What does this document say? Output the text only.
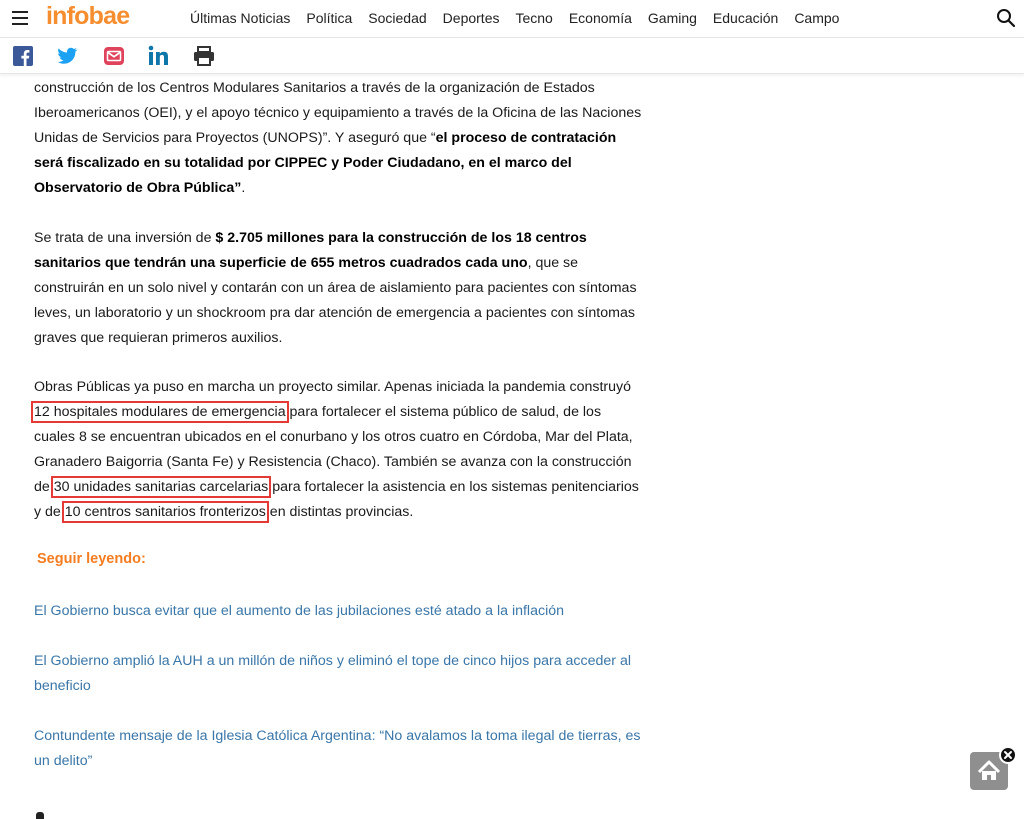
infobae	Últimas Noticias Política Sociedad Deportes Tecno Economía Gaming Educación Campo

construcción de los Centros Modulares Sanitarios a través de la organización de Estados Iberoamericanos (OEI), y el apoyo técnico y equipamiento a través de la Oficina de las Naciones Unidas de Servicios para Proyectos (UNOPS)”. Y aseguró que “el proceso de contratación será fiscalizado en su totalidad por CIPPEC y Poder Ciudadano, en el marco del Observatorio de Obra Pública”.

Se trata de una inversión de $ 2.705 millones para la construcción de los 18 centros sanitarios que tendrán una superficie de 655 metros cuadrados cada uno, que se construirán en un solo nivel y contarán con un área de aislamiento para pacientes con síntomas leves, un laboratorio y un shockroom pra dar atención de emergencia a pacientes con síntomas graves que requieran primeros auxilios.

Obras Públicas ya puso en marcha un proyecto similar. Apenas iniciada la pandemia construyó 12 hospitales modulares de emergencia para fortalecer el sistema público de salud, de los cuales 8 se encuentran ubicados en el conurbano y los otros cuatro en Córdoba, Mar del Plata, Granadero Baigorria (Santa Fe) y Resistencia (Chaco). También se avanza con la construcción de 30 unidades sanitarias carcelarias para fortalecer la asistencia en los sistemas penitenciarios y de 10 centros sanitarios fronterizos en distintas provincias.

Seguir leyendo:
El Gobierno busca evitar que el aumento de las jubilaciones esté atado a la inflación
El Gobierno amplió la AUH a un millón de niños y eliminó el tope de cinco hijos para acceder al beneficio
Contundente mensaje de la Iglesia Católica Argentina: “No avalamos la toma ilegal de tierras, es un delito”
